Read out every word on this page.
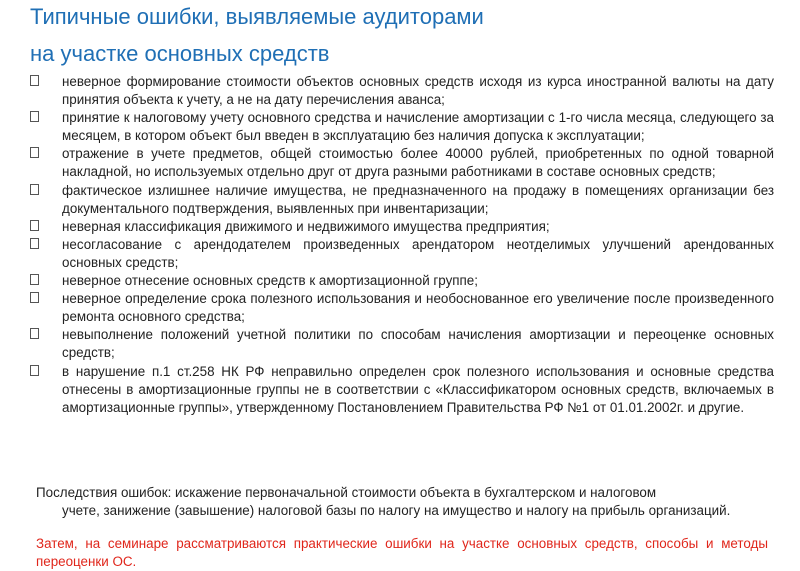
Типичные ошибки, выявляемые аудиторами
на участке основных средств
неверное формирование стоимости объектов основных средств исходя из курса иностранной валюты на дату принятия объекта к учету, а не на дату перечисления аванса;
принятие к налоговому учету основного средства и начисление амортизации с 1-го числа месяца, следующего за месяцем, в котором объект был введен в эксплуатацию без наличия допуска к эксплуатации;
отражение в учете предметов, общей стоимостью более 40000 рублей, приобретенных по одной товарной накладной, но используемых отдельно друг от друга разными работниками в составе основных средств;
фактическое излишнее наличие имущества, не предназначенного на продажу в помещениях организации без документального подтверждения, выявленных при инвентаризации;
неверная классификация движимого и недвижимого имущества предприятия;
несогласование с арендодателем произведенных арендатором неотделимых улучшений арендованных основных средств;
неверное отнесение основных средств к амортизационной группе;
неверное определение срока полезного использования и необоснованное его увеличение после произведенного ремонта основного средства;
невыполнение положений учетной политики по способам начисления амортизации и переоценке основных средств;
в нарушение п.1 ст.258 НК РФ неправильно определен срок полезного использования и основные средства отнесены в амортизационные группы не в соответствии с «Классификатором основных средств, включаемых в амортизационные группы», утвержденному Постановлением Правительства РФ №1 от 01.01.2002г. и другие.
Последствия ошибок: искажение первоначальной стоимости объекта в бухгалтерском и налоговом
учете, занижение (завышение) налоговой базы по налогу на имущество и налогу на прибыль организаций.
Затем, на семинаре рассматриваются практические ошибки на участке основных средств, способы и методы переоценки ОС.
